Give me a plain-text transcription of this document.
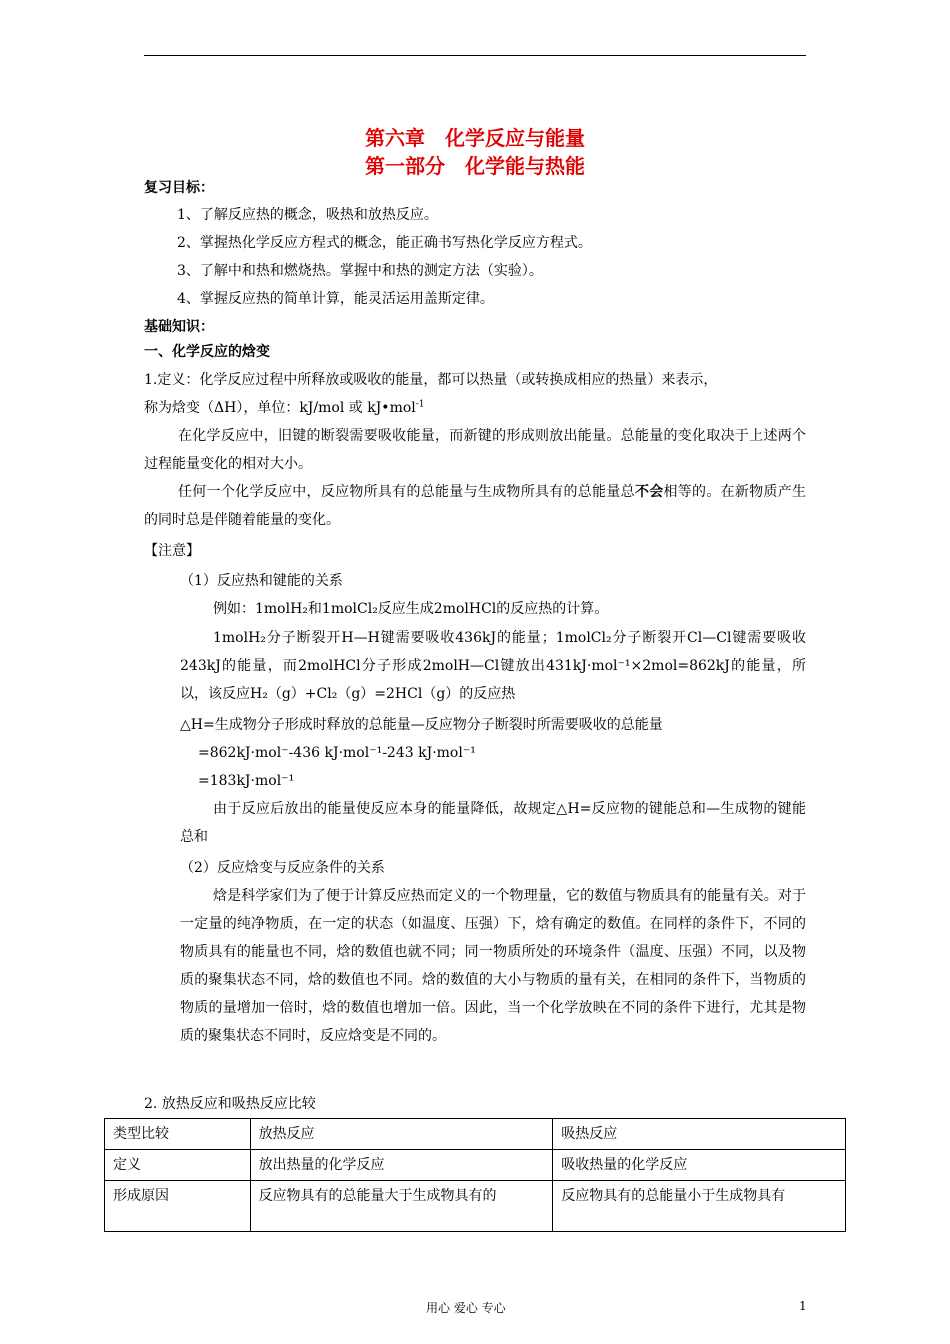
第六章　化学反应与能量
第一部分　化学能与热能
复习目标：
1、了解反应热的概念，吸热和放热反应。
2、掌握热化学反应方程式的概念，能正确书写热化学反应方程式。
3、了解中和热和燃烧热。掌握中和热的测定方法（实验）。
4、掌握反应热的简单计算，能灵活运用盖斯定律。
基础知识：
一、化学反应的焓变
1.定义：化学反应过程中所释放或吸收的能量，都可以热量（或转换成相应的热量）来表示，
称为焓变（ΔH），单位：kJ/mol 或 kJ•mol$^{-1}$
在化学反应中，旧键的断裂需要吸收能量，而新键的形成则放出能量。总能量的变化取决于上述两个过程能量变化的相对大小。
任何一个化学反应中，反应物所具有的总能量与生成物所具有的总能量总不会相等的。在新物质产生的同时总是伴随着能量的变化。
【注意】
（1）反应热和键能的关系
例如：1molH₂和1molCl₂反应生成2molHCl的反应热的计算。
1molH₂分子断裂开H—H键需要吸收436kJ的能量；1molCl₂分子断裂开Cl—Cl键需要吸收243kJ的能量，而2molHCl分子形成2molH—Cl键放出431kJ·mol⁻¹×2mol=862kJ的能量，所以，该反应H₂（g）+Cl₂（g）=2HCl（g）的反应热
△H=生成物分子形成时释放的总能量—反应物分子断裂时所需要吸收的总能量
=862kJ·mol⁻-436 kJ·mol⁻¹-243 kJ·mol⁻¹
=183kJ·mol⁻¹
由于反应后放出的能量使反应本身的能量降低，故规定△H=反应物的键能总和—生成物的键能总和
（2）反应焓变与反应条件的关系
焓是科学家们为了便于计算反应热而定义的一个物理量，它的数值与物质具有的能量有关。对于一定量的纯净物质，在一定的状态（如温度、压强）下，焓有确定的数值。在同样的条件下，不同的物质具有的能量也不同，焓的数值也就不同；同一物质所处的环境条件（温度、压强）不同，以及物质的聚集状态不同，焓的数值也不同。焓的数值的大小与物质的量有关，在相同的条件下，当物质的物质的量增加一倍时，焓的数值也增加一倍。因此，当一个化学放映在不同的条件下进行，尤其是物质的聚集状态不同时，反应焓变是不同的。
2. 放热反应和吸热反应比较
类型比较	放热反应	吸热反应
定义	放出热量的化学反应	吸收热量的化学反应
形成原因	反应物具有的总能量大于生成物具有的	反应物具有的总能量小于生成物具有
用心 爱心 专心	1
